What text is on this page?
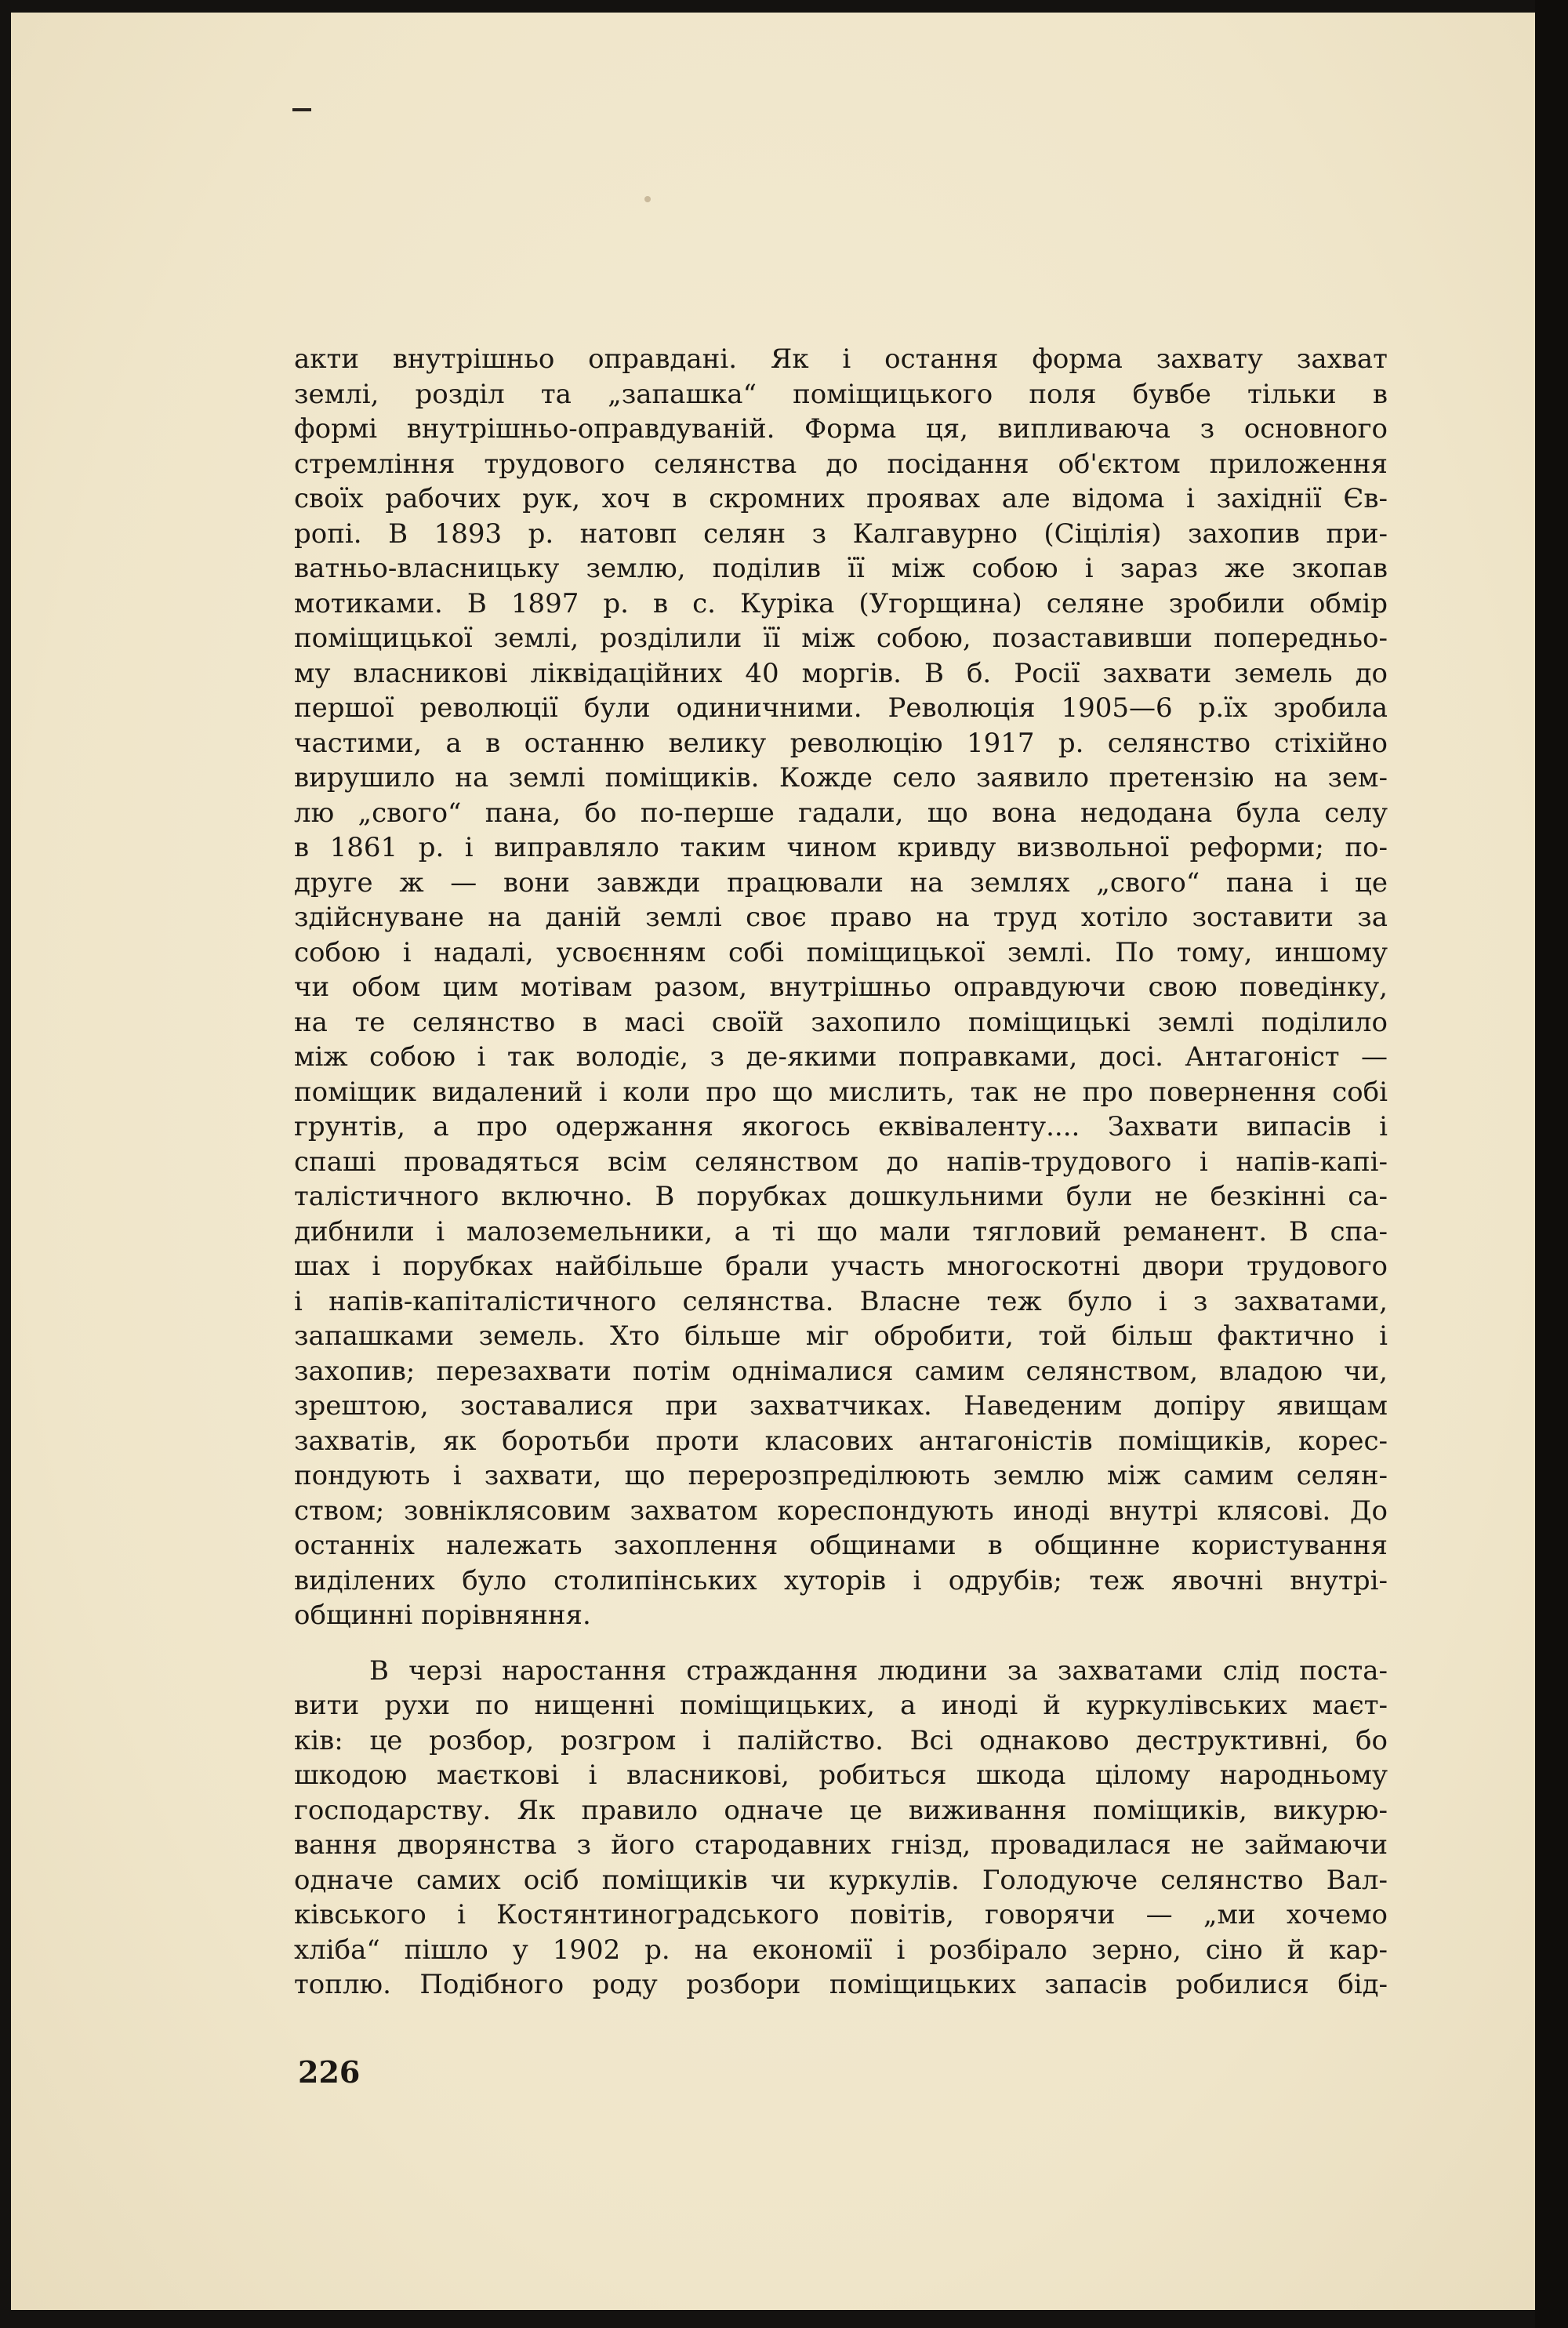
акти внутрішньо оправдані. Як і остання форма захвату захват
землі, розділ та „запашка“ поміщицького поля бувбе тільки в
формі внутрішньо-оправдуваній. Форма ця, випливаюча з основного
стремління трудового селянства до посідання об'єктом приложення
своїх рабочих рук, хоч в скромних проявах але відома і західнії Єв-
ропі. В 1893 р. натовп селян з Калгавурно (Сіцілія) захопив при-
ватньо-власницьку землю, поділив її між собою і зараз же зкопав
мотиками. В 1897 р. в с. Куріка (Угорщина) селяне зробили обмір
поміщицької землі, розділили її між собою, позаставивши попередньо-
му власникові ліквідаційних 40 моргів. В б. Росії захвати земель до
першої революції були одиничними. Революція 1905—6 р.їх зробила
частими, а в останню велику революцію 1917 р. селянство стіхійно
вирушило на землі поміщиків. Кожде село заявило претензію на зем-
лю „свого“ пана, бо по-перше гадали, що вона недодана була селу
в 1861 р. і виправляло таким чином кривду визвольної реформи; по-
друге ж — вони завжди працювали на землях „свого“ пана і це
здійснуване на даній землі своє право на труд хотіло зоставити за
собою і надалі, усвоєнням собі поміщицької землі. По тому, иншому
чи обом цим мотівам разом, внутрішньо оправдуючи свою поведінку,
на те селянство в масі своїй захопило поміщицькі землі поділило
між собою і так володіє, з де-якими поправками, досі. Антагоніст —
поміщик видалений і коли про що мислить, так не про повернення собі
грунтів, а про одержання якогось еквіваленту.... Захвати випасів і
спаші провадяться всім селянством до напів-трудового і напів-капі-
талістичного включно. В порубках дошкульними були не безкінні са-
дибнили і малоземельники, а ті що мали тягловий реманент. В спа-
шах і порубках найбільше брали участь многоскотні двори трудового
і напів-капіталістичного селянства. Власне теж було і з захватами,
запашками земель. Хто більше міг обробити, той більш фактично і
захопив; перезахвати потім однімалися самим селянством, владою чи,
зрештою, зоставалися при захватчиках. Наведеним допіру явищам
захватів, як боротьби проти класових антагоністів поміщиків, корес-
пондують і захвати, що перерозпреділюють землю між самим селян-
ством; зовніклясовим захватом кореспондують иноді внутрі клясові. До
останніх належать захоплення общинами в общинне користування
виділених було столипінських хуторів і одрубів; теж явочні внутрі-
общинні порівняння.
В черзі наростання страждання людини за захватами слід поста-
вити рухи по нищенні поміщицьких, а иноді й куркулівських маєт-
ків: це розбор, розгром і палійство. Всі однаково деструктивні, бо
шкодою маєткові і власникові, робиться шкода цілому народньому
господарству. Як правило одначе це виживання поміщиків, викурю-
вання дворянства з його стародавних гнізд, провадилася не займаючи
одначе самих осіб поміщиків чи куркулів. Голодуюче селянство Вал-
ківського і Костянтиноградського повітів, говорячи — „ми хочемо
хліба“ пішло у 1902 р. на економії і розбірало зерно, сіно й кар-
топлю. Подібного роду розбори поміщицьких запасів робилися бід-
226
